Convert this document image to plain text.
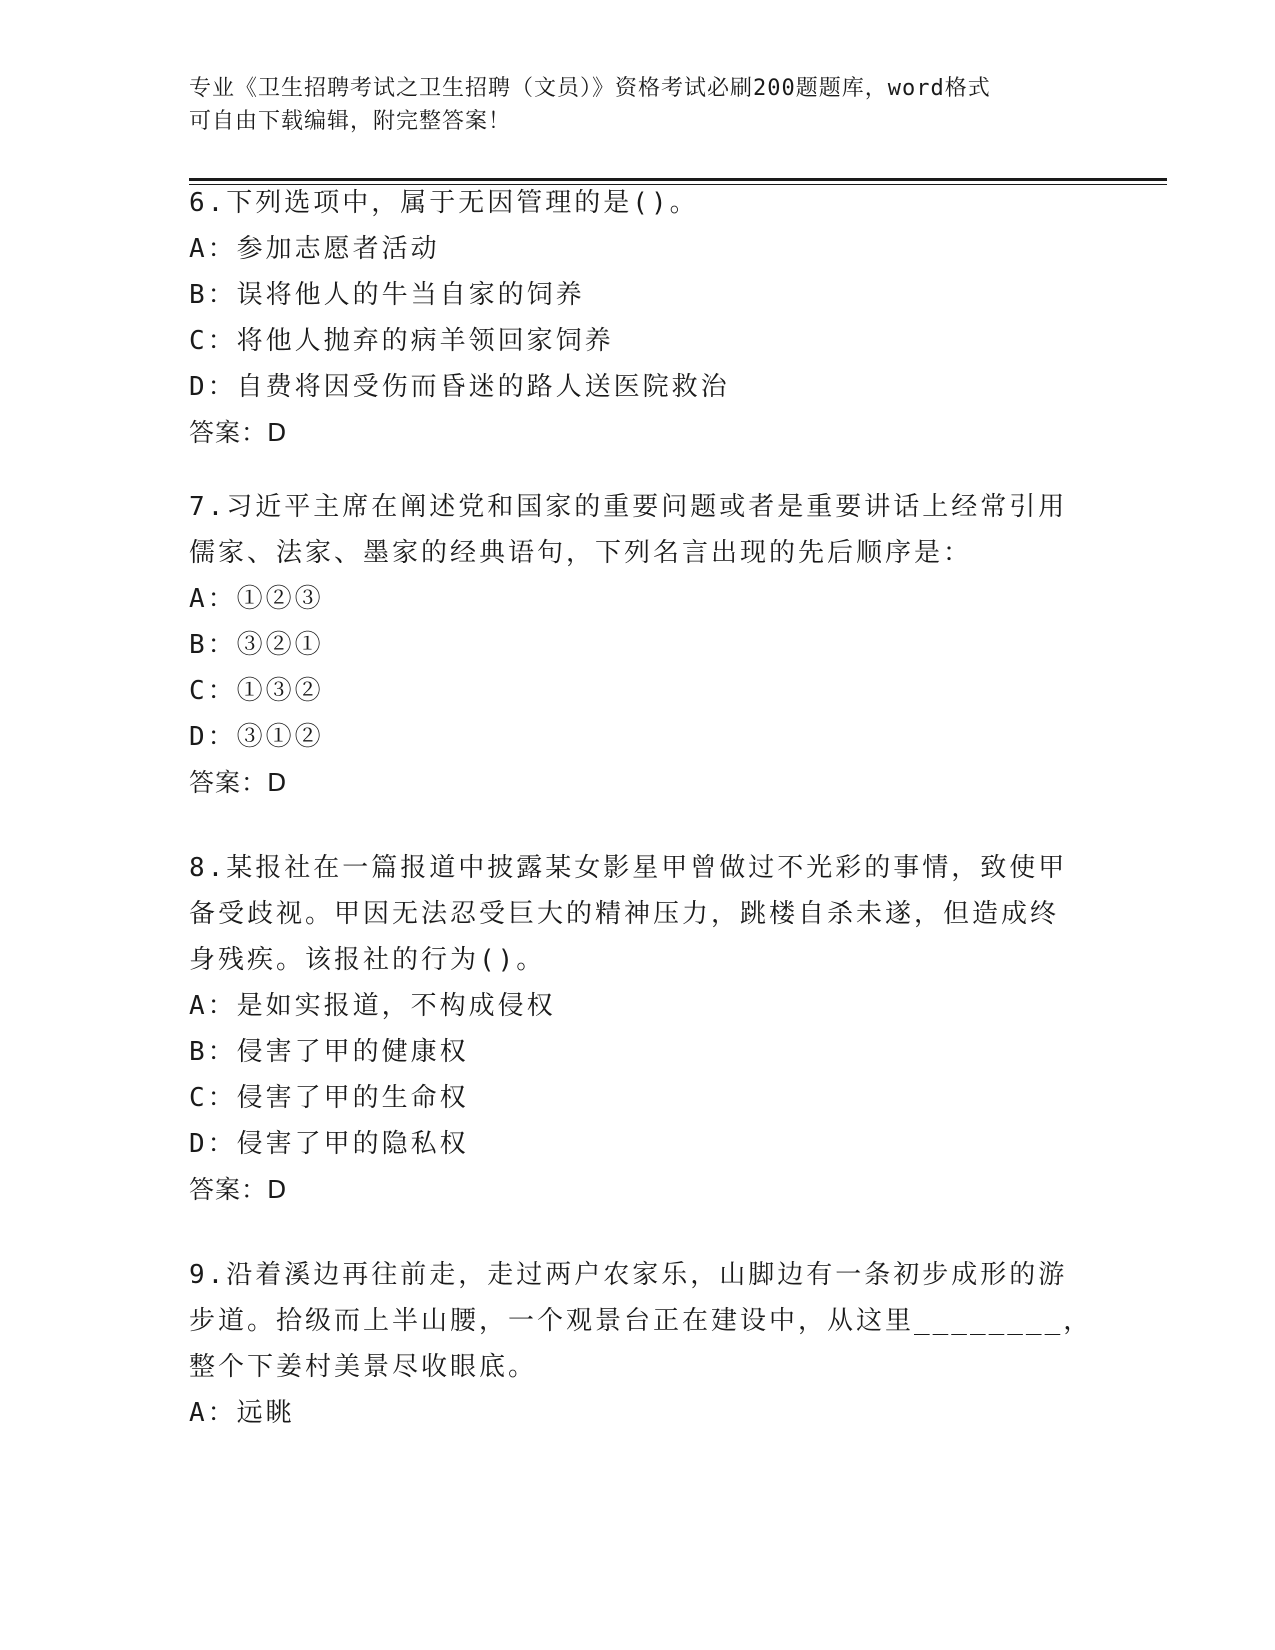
专业《卫生招聘考试之卫生招聘（文员）》资格考试必刷200题题库，word格式
可自由下载编辑，附完整答案！
6.下列选项中，属于无因管理的是()。
A：参加志愿者活动
B：误将他人的牛当自家的饲养
C：将他人抛弃的病羊领回家饲养
D：自费将因受伤而昏迷的路人送医院救治
答案：D
7.习近平主席在阐述党和国家的重要问题或者是重要讲话上经常引用
儒家、法家、墨家的经典语句，下列名言出现的先后顺序是：
A：①②③
B：③②①
C：①③②
D：③①②
答案：D
8.某报社在一篇报道中披露某女影星甲曾做过不光彩的事情，致使甲
备受歧视。甲因无法忍受巨大的精神压力，跳楼自杀未遂，但造成终
身残疾。该报社的行为()。
A：是如实报道，不构成侵权
B：侵害了甲的健康权
C：侵害了甲的生命权
D：侵害了甲的隐私权
答案：D
9.沿着溪边再往前走，走过两户农家乐，山脚边有一条初步成形的游
步道。拾级而上半山腰，一个观景台正在建设中，从这里________，
整个下姜村美景尽收眼底。
A：远眺
